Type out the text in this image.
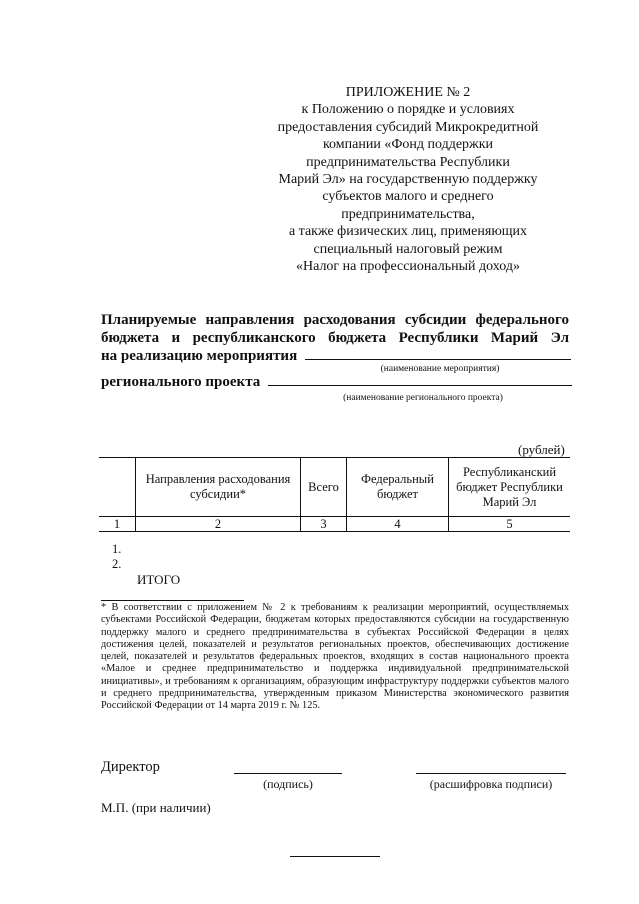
ПРИЛОЖЕНИЕ № 2
к Положению о порядке и условиях
предоставления субсидий Микрокредитной
компании «Фонд поддержки
предпринимательства Республики
Марий Эл» на государственную поддержку
субъектов малого и среднего
предпринимательства,
а также физических лиц, применяющих
специальный налоговый режим
«Налог на профессиональный доход»
Планируемые направления расходования субсидии федерального
бюджета и республиканского бюджета Республики Марий Эл
на реализацию мероприятия
(наименование мероприятия)
регионального проекта
(наименование регионального проекта)
(рублей)
	Направления расходования субсидии*	Всего	Федеральный бюджет	Республиканский бюджет Республики Марий Эл
1	2	3	4	5
1.
2.
ИТОГО
* В соответствии с приложением № 2 к требованиям к реализации мероприятий, осуществляемых субъектами Российской Федерации, бюджетам которых предоставляются субсидии на государственную поддержку малого и среднего предпринимательства в субъектах Российской Федерации в целях достижения целей, показателей и результатов региональных проектов, обеспечивающих достижение целей, показателей и результатов федеральных проектов, входящих в состав национального проекта «Малое и среднее предпринимательство и поддержка индивидуальной предпринимательской инициативы», и требованиям к организациям, образующим инфраструктуру поддержки субъектов малого и среднего предпринимательства, утвержденным приказом Министерства экономического развития Российской Федерации от 14 марта 2019 г. № 125.
Директор
(подпись)	(расшифровка подписи)
М.П. (при наличии)
